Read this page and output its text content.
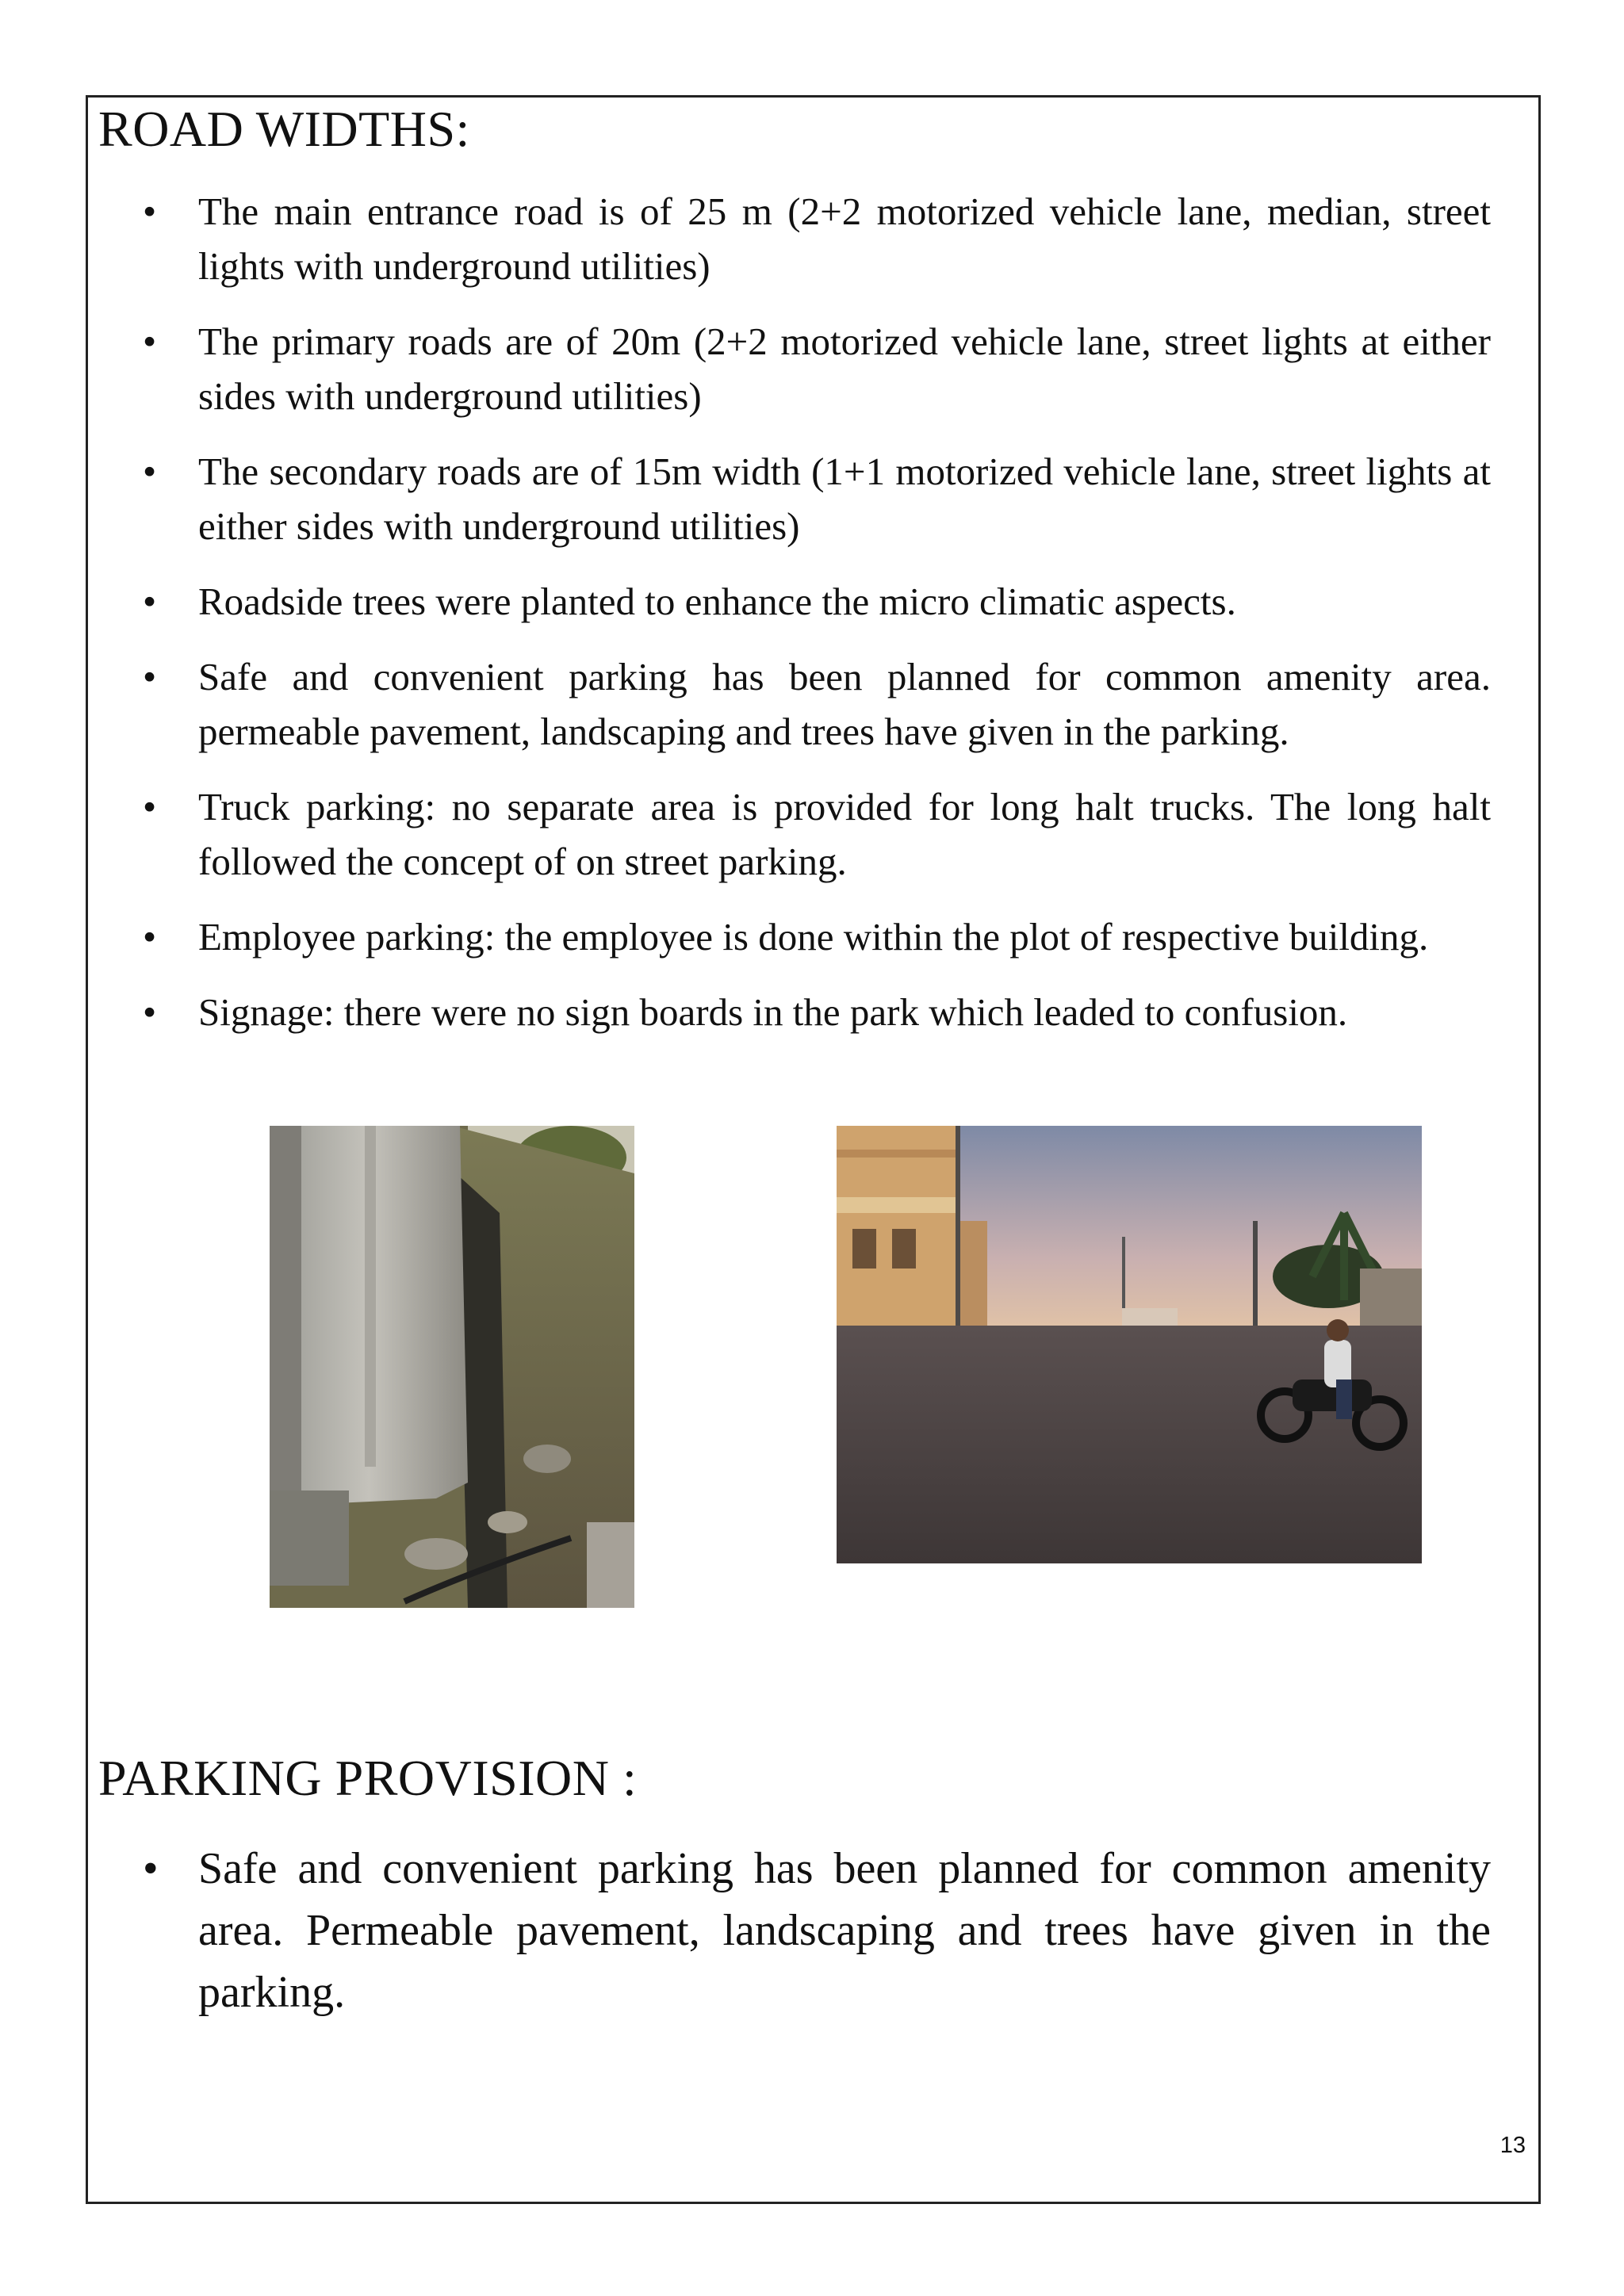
ROAD WIDTHS:
• The main entrance road is of 25 m (2+2 motorized vehicle lane, median, street lights with underground utilities)
• The primary roads are of 20m (2+2 motorized vehicle lane, street lights at either sides with underground utilities)
• The secondary roads are of 15m width (1+1 motorized vehicle lane, street lights at either sides with underground utilities)
• Roadside trees were planted to enhance the micro climatic aspects.
• Safe and convenient parking has been planned for common amenity area. permeable pavement, landscaping and trees have given in the parking.
• Truck parking: no separate area is provided for long halt trucks. The long halt followed the concept of on street parking.
• Employee parking: the employee is done within the plot of respective building.
• Signage: there were no sign boards in the park which leaded to confusion.
PARKING PROVISION :
• Safe and convenient parking has been planned for common amenity area. Permeable pavement, landscaping and trees have given in the parking.
13
